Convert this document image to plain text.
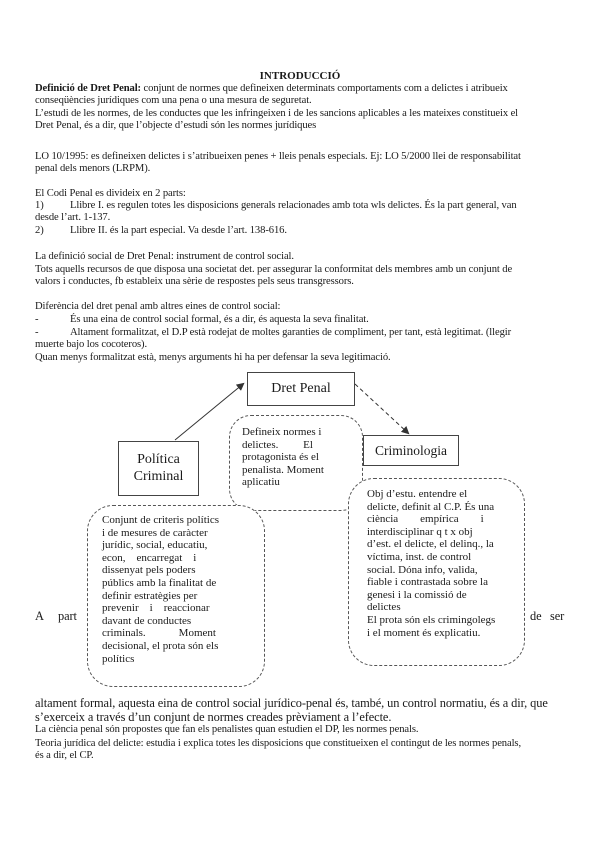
INTRODUCCIÓ
Definició de Dret Penal: conjunt de normes que defineixen determinats comportaments com a delictes i atribueix
conseqüències jurídiques com una pena o una mesura de seguretat.
L’estudi de les normes, de les conductes que les infringeixen i de les sancions aplicables a les mateixes constitueix el
Dret Penal, és a dir, que l’objecte d’estudi són les normes jurídiques
LO 10/1995: es defineixen delictes i s’atribueixen penes + lleis penals especials. Ej: LO 5/2000 llei de responsabilitat
penal dels menors (LRPM).
El Codi Penal es divideix en 2 parts:
1) Llibre I. es regulen totes les disposicions generals relacionades amb tota wls delictes. És la part general, van
desde l’art. 1-137.
2) Llibre II. és la part especial. Va desde l’art. 138-616.
La definició social de Dret Penal: instrument de control social.
Tots aquells recursos de que disposa una societat det. per assegurar la conformitat dels membres amb un conjunt de
valors i conductes, fb estableix una sèrie de respostes pels seus transgressors.
Diferència del dret penal amb altres eines de control social:
-	És una eina de control social formal, és a dir, és aquesta la seva finalitat.
-	Altament formalitzat, el D.P està rodejat de moltes garanties de compliment, per tant, està legitimat. (llegir
muerte bajo los cocoteros).
Quan menys formalitzat està, menys arguments hi ha per defensar la seva legitimació.
Dret Penal
Política
Criminal
Criminologia
Defineix normes i
delictes.         El
protagonista és el
penalista. Moment
aplicatiu
Conjunt de criteris polítics
i de mesures de caràcter
jurídic, social, educatiu,
econ,    encarregat    i
dissenyat pels poders
públics amb la finalitat de
definir estratègies per
prevenir    i    reaccionar
davant de conductes
criminals.            Moment
decisional, el prota són els
polítics
Obj d’estu. entendre el
delicte, definit al C.P. És una
ciència        empírica        i
interdisciplinar q t x obj
d’est. el delicte, el delinq., la
víctima, inst. de control
social. Dóna info, valida,
fiable i contrastada sobre la
genesi i la comissió de
delictes
El prota són els crimingolegs
i el moment és explicatiu.
A part	de ser
altament formal, aquesta eina de control social jurídico-penal és, també, un control normatiu, és a dir, que
s’exerceix a través d’un conjunt de normes creades prèviament a l’efecte.
La ciència penal són propostes que fan els penalistes quan estudien el DP, les normes penals.
Teoria jurídica del delicte: estudia i explica totes les disposicions que constitueixen el contingut de les normes penals,
és a dir, el CP.
